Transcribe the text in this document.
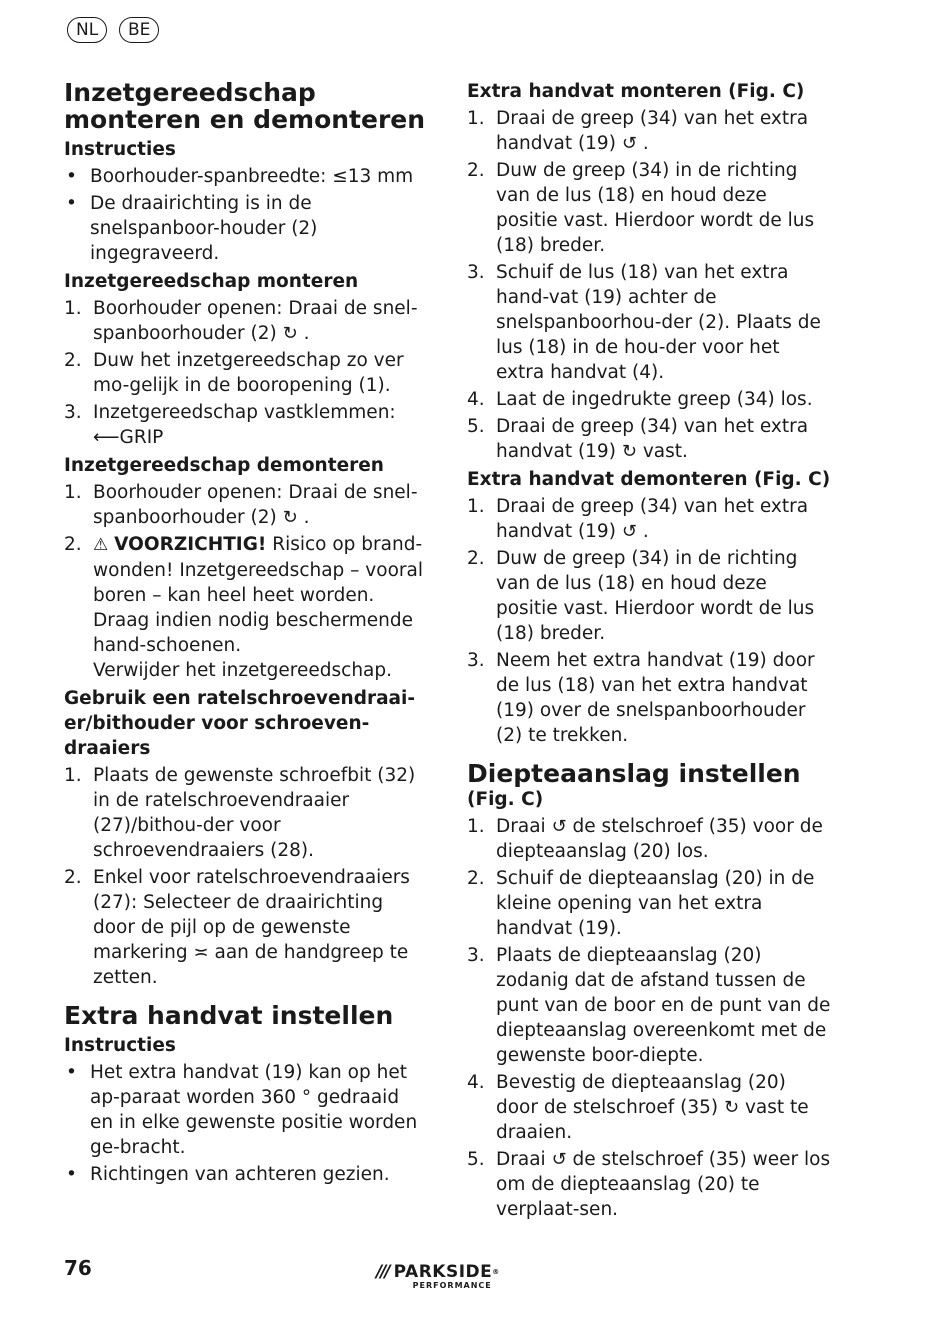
NL	BE
Inzetgereedschap monteren en demonteren
Instructies
• Boorhouder-spanbreedte: ≤13 mm
• De draairichting is in de snelspanboor-houder (2) ingegraveerd.
Inzetgereedschap monteren
1. Boorhouder openen: Draai de snel-spanboorhouder (2) ↻ .
2. Duw het inzetgereedschap zo ver mo-gelijk in de booropening (1).
3. Inzetgereedschap vastklemmen:
⟵GRIP
Inzetgereedschap demonteren
1. Boorhouder openen: Draai de snel-spanboorhouder (2) ↻ .
2. ⚠ VOORZICHTIG! Risico op brand-wonden! Inzetgereedschap – vooral boren – kan heel heet worden. Draag indien nodig beschermende hand-schoenen.
Verwijder het inzetgereedschap.
Gebruik een ratelschroevendraai-er/bithouder voor schroeven-draaiers
1. Plaats de gewenste schroefbit (32) in de ratelschroevendraaier (27)/bithou-der voor schroevendraaiers (28).
2. Enkel voor ratelschroevendraaiers (27): Selecteer de draairichting door de pijl op de gewenste markering ≍ aan de handgreep te zetten.
Extra handvat instellen
Instructies
• Het extra handvat (19) kan op het ap-paraat worden 360 ° gedraaid en in elke gewenste positie worden ge-bracht.
• Richtingen van achteren gezien.
Extra handvat monteren (Fig. C)
1. Draai de greep (34) van het extra handvat (19) ↺ .
2. Duw de greep (34) in de richting van de lus (18) en houd deze positie vast. Hierdoor wordt de lus (18) breder.
3. Schuif de lus (18) van het extra hand-vat (19) achter de snelspanboorhou-der (2). Plaats de lus (18) in de hou-der voor het extra handvat (4).
4. Laat de ingedrukte greep (34) los.
5. Draai de greep (34) van het extra handvat (19) ↻ vast.
Extra handvat demonteren (Fig. C)
1. Draai de greep (34) van het extra handvat (19) ↺ .
2. Duw de greep (34) in de richting van de lus (18) en houd deze positie vast. Hierdoor wordt de lus (18) breder.
3. Neem het extra handvat (19) door de lus (18) van het extra handvat (19) over de snelspanboorhouder (2) te trekken.
Diepteaanslag instellen
(Fig. C)
1. Draai ↺ de stelschroef (35) voor de diepteaanslag (20) los.
2. Schuif de diepteaanslag (20) in de kleine opening van het extra handvat (19).
3. Plaats de diepteaanslag (20) zodanig dat de afstand tussen de punt van de boor en de punt van de diepteaanslag overeenkomt met de gewenste boor-diepte.
4. Bevestig de diepteaanslag (20) door de stelschroef (35) ↻ vast te draaien.
5. Draai ↺ de stelschroef (35) weer los om de diepteaanslag (20) te verplaat-sen.
76	/// PARKSIDE®
PERFORMANCE
